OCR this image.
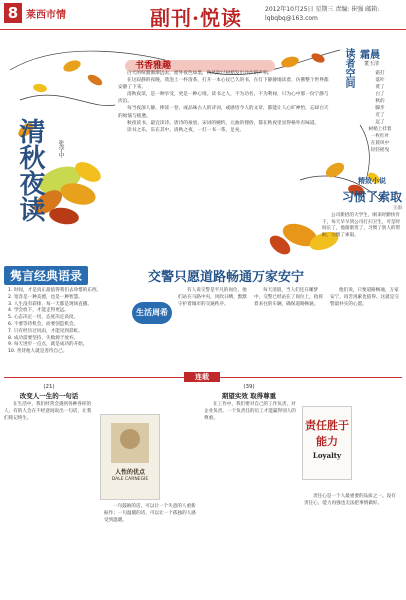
8 莱西市情	副刊·悦读	2012年10月25日 星期三 责编: 崔强 邮箱: lqbqbq@163.com
书香雅趣
清秋夜读 张学中

白天的喧嚣渐渐远去，窗外夜色如墨，秋风吹过树梢发出沙沙的声响。

在这寂静的夜晚，我泡上一杯清茶，打开一本心仪已久的书，在灯下静静地读着，仿佛整个世界都安静了下来。

清秋夜读，是一种享受，更是一种心境。读书之人，不为功名，不为利禄，只为心中那一份宁静与淡泊。

每当夜深人静，捧读一卷，或品味古人的诗词，或感悟今人的文章，都能让人心旷神怡，忘却白天的烦恼与疲惫。

秋夜读书，最宜读诗。唐诗的豪放，宋词的婉约，元曲的俚俗，都在秋夜里显得格外有味道。

读书之乐，乐在其中。清秋之夜，一灯一书一茶，足矣。

读者空间 霜晨
董玉清
霜打
落叶
黄了
白了
秋的
脚步
近了
远了
树梢上挂着
一枚红叶
在晨风中
轻轻摇曳
精致小说
习惯了索取
王雨

公司新招的大学生，刚来时勤快肯干，每天早早到公司打扫卫生，可是时间长了，他渐渐变了，习惯了别人的帮助，习惯了索取。

隽言经典语录
1. 时间，才是真正最值得我们去珍惜的东西。
2. 宽容是一种美德，也是一种智慧。
3. 人生没有彩排，每一天都是现场直播。
4. 学会放下，才能走得更远。
5. 心态决定一切，态度决定高度。
6. 不要等待机会，而要创造机会。
7. 只有经历过风雨，才能见到彩虹。
8. 成功需要坚持，失败源于放弃。
9. 每天进步一点点，就是成功的开始。
10. 善待他人就是善待自己。
交警只愿道路畅通万家安宁
生活周希

有人说交警是平凡的岗位，他们站在马路中央，风吹日晒，默默守护着城市的交通秩序。

每天清晨，当人们还在睡梦中，交警已经站在了岗位上，指挥着来往的车辆，确保道路畅通。

他们说，只要道路畅通，万家安宁，再苦再累也值得。这就是交警最朴实的心愿。

连载
(21)
改变人一生的一句话

在生活中，我们经常会遇到各种各样的人，有的人会在不经意间说出一句话，让我们铭记终生。

人性的优点
DALE CARNEGIE

一句鼓励的话，可以让一个失意的人重新振作；一句温暖的话，可以让一个孤独的人感受到温暖。

(39)
期望实效 取得尊重

在工作中，我们要对自己的工作负责，对企业负责。一个负责任的员工才能赢得别人的尊重。

责任胜于能力
Loyalty

责任心是一个人最重要的品质之一。没有责任心，能力再强也无法把事情做好。
